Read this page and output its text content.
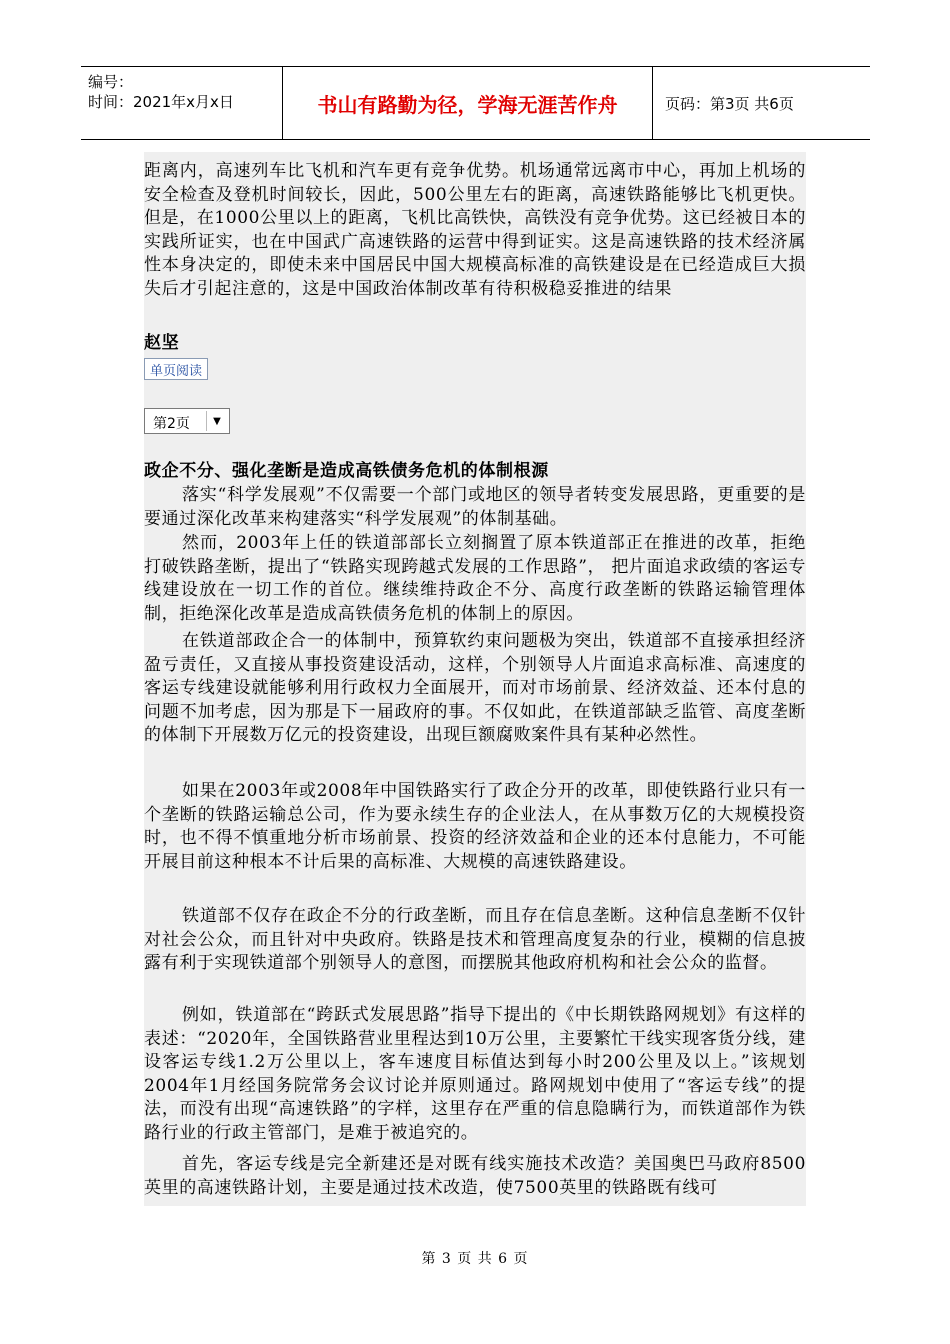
编号：
时间：2021年x月x日	书山有路勤为径，学海无涯苦作舟	页码：第3页 共6页

距离内，高速列车比飞机和汽车更有竞争优势。机场通常远离市中心，再加上机场的安全检查及登机时间较长，因此，500公里左右的距离，高速铁路能够比飞机更快。但是，在1000公里以上的距离，飞机比高铁快，高铁没有竞争优势。这已经被日本的实践所证实，也在中国武广高速铁路的运营中得到证实。这是高速铁路的技术经济属性本身决定的，即使未来中国居民中国大规模高标准的高铁建设是在已经造成巨大损失后才引起注意的，这是中国政治体制改革有待积极稳妥推进的结果

赵坚
单页阅读
第2页	▼
政企不分、强化垄断是造成高铁债务危机的体制根源

落实“科学发展观”不仅需要一个部门或地区的领导者转变发展思路，更重要的是要通过深化改革来构建落实“科学发展观”的体制基础。

然而，2003年上任的铁道部部长立刻搁置了原本铁道部正在推进的改革，拒绝打破铁路垄断，提出了“铁路实现跨越式发展的工作思路”， 把片面追求政绩的客运专线建设放在一切工作的首位。继续维持政企不分、高度行政垄断的铁路运输管理体制，拒绝深化改革是造成高铁债务危机的体制上的原因。

在铁道部政企合一的体制中，预算软约束问题极为突出，铁道部不直接承担经济盈亏责任，又直接从事投资建设活动，这样，个别领导人片面追求高标准、高速度的客运专线建设就能够利用行政权力全面展开，而对市场前景、经济效益、还本付息的问题不加考虑，因为那是下一届政府的事。不仅如此，在铁道部缺乏监管、高度垄断的体制下开展数万亿元的投资建设，出现巨额腐败案件具有某种必然性。

如果在2003年或2008年中国铁路实行了政企分开的改革，即使铁路行业只有一个垄断的铁路运输总公司，作为要永续生存的企业法人，在从事数万亿的大规模投资时，也不得不慎重地分析市场前景、投资的经济效益和企业的还本付息能力，不可能开展目前这种根本不计后果的高标准、大规模的高速铁路建设。

铁道部不仅存在政企不分的行政垄断，而且存在信息垄断。这种信息垄断不仅针对社会公众，而且针对中央政府。铁路是技术和管理高度复杂的行业，模糊的信息披露有利于实现铁道部个别领导人的意图，而摆脱其他政府机构和社会公众的监督。

例如，铁道部在“跨跃式发展思路”指导下提出的《中长期铁路网规划》有这样的表述：“2020年，全国铁路营业里程达到10万公里，主要繁忙干线实现客货分线，建设客运专线1.2万公里以上，客车速度目标值达到每小时200公里及以上。”该规划2004年1月经国务院常务会议讨论并原则通过。路网规划中使用了“客运专线”的提法，而没有出现“高速铁路”的字样，这里存在严重的信息隐瞒行为，而铁道部作为铁路行业的行政主管部门，是难于被追究的。

首先，客运专线是完全新建还是对既有线实施技术改造？美国奥巴马政府8500英里的高速铁路计划，主要是通过技术改造，使7500英里的铁路既有线可

第 3 页 共 6 页
